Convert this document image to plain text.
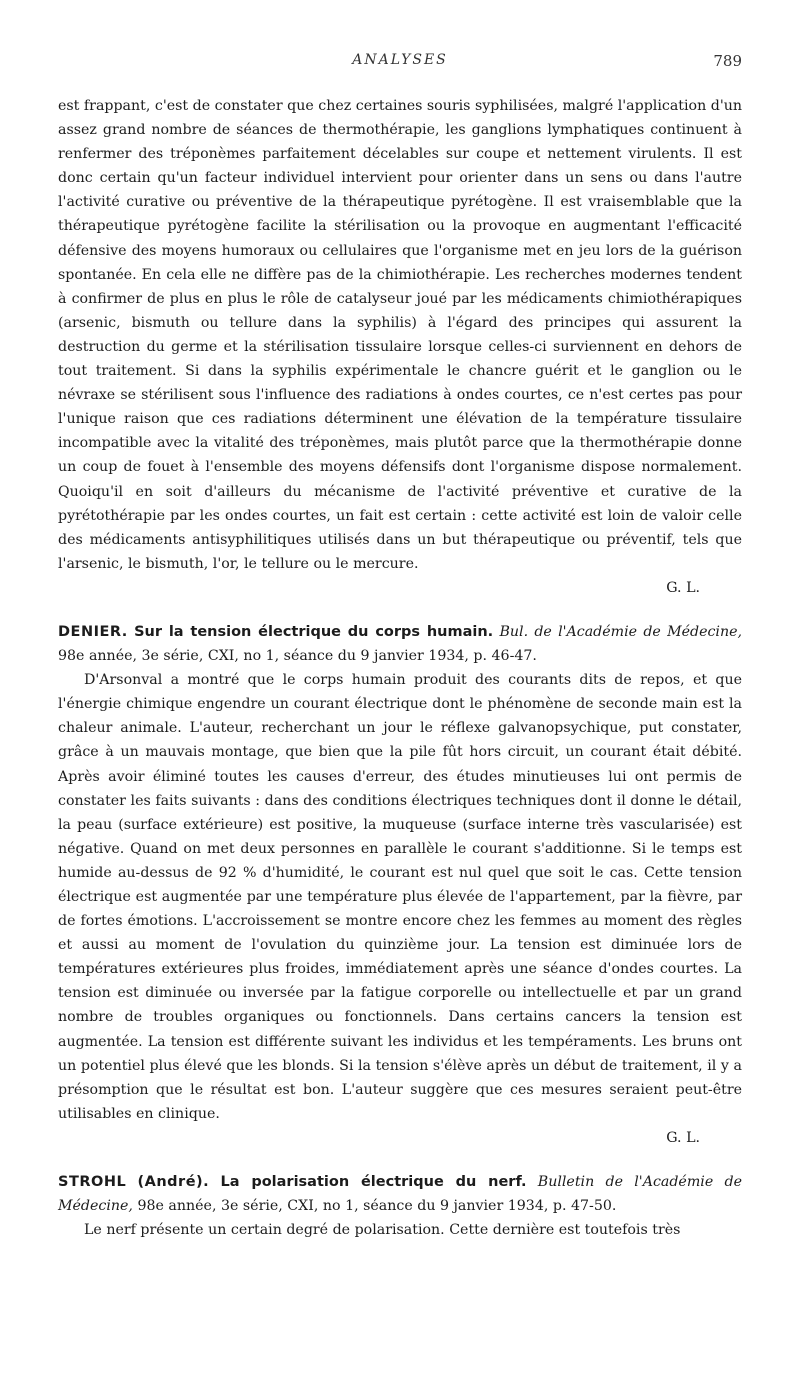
ANALYSES	789

est frappant, c'est de constater que chez certaines souris syphilisées, malgré l'application d'un assez grand nombre de séances de thermothérapie, les ganglions lymphatiques continuent à renfermer des tréponèmes parfaitement décelables sur coupe et nettement virulents. Il est donc certain qu'un facteur individuel intervient pour orienter dans un sens ou dans l'autre l'activité curative ou préventive de la thérapeutique pyrétogène. Il est vraisemblable que la thérapeutique pyrétogène facilite la stérilisation ou la provoque en augmentant l'efficacité défensive des moyens humoraux ou cellulaires que l'organisme met en jeu lors de la guérison spontanée. En cela elle ne diffère pas de la chimiothérapie. Les recherches modernes tendent à confirmer de plus en plus le rôle de catalyseur joué par les médicaments chimiothérapiques (arsenic, bismuth ou tellure dans la syphilis) à l'égard des principes qui assurent la destruction du germe et la stérilisation tissulaire lorsque celles-ci surviennent en dehors de tout traitement. Si dans la syphilis expérimentale le chancre guérit et le ganglion ou le névraxe se stérilisent sous l'influence des radiations à ondes courtes, ce n'est certes pas pour l'unique raison que ces radiations déterminent une élévation de la température tissulaire incompatible avec la vitalité des tréponèmes, mais plutôt parce que la thermothérapie donne un coup de fouet à l'ensemble des moyens défensifs dont l'organisme dispose normalement. Quoiqu'il en soit d'ailleurs du mécanisme de l'activité préventive et curative de la pyrétothérapie par les ondes courtes, un fait est certain : cette activité est loin de valoir celle des médicaments antisyphilitiques utilisés dans un but thérapeutique ou préventif, tels que l'arsenic, le bismuth, l'or, le tellure ou le mercure.

G. L.
DENIER. Sur la tension électrique du corps humain. Bul. de l'Académie de Médecine, 98e année, 3e série, CXI, no 1, séance du 9 janvier 1934, p. 46-47.

D'Arsonval a montré que le corps humain produit des courants dits de repos, et que l'énergie chimique engendre un courant électrique dont le phénomène de seconde main est la chaleur animale. L'auteur, recherchant un jour le réflexe galvanopsychique, put constater, grâce à un mauvais montage, que bien que la pile fût hors circuit, un courant était débité. Après avoir éliminé toutes les causes d'erreur, des études minutieuses lui ont permis de constater les faits suivants : dans des conditions électriques techniques dont il donne le détail, la peau (surface extérieure) est positive, la muqueuse (surface interne très vascularisée) est négative. Quand on met deux personnes en parallèle le courant s'additionne. Si le temps est humide au-dessus de 92 % d'humidité, le courant est nul quel que soit le cas. Cette tension électrique est augmentée par une température plus élevée de l'appartement, par la fièvre, par de fortes émotions. L'accroissement se montre encore chez les femmes au moment des règles et aussi au moment de l'ovulation du quinzième jour. La tension est diminuée lors de températures extérieures plus froides, immédiatement après une séance d'ondes courtes. La tension est diminuée ou inversée par la fatigue corporelle ou intellectuelle et par un grand nombre de troubles organiques ou fonctionnels. Dans certains cancers la tension est augmentée. La tension est différente suivant les individus et les tempéraments. Les bruns ont un potentiel plus élevé que les blonds. Si la tension s'élève après un début de traitement, il y a présomption que le résultat est bon. L'auteur suggère que ces mesures seraient peut-être utilisables en clinique.

G. L.
STROHL (André). La polarisation électrique du nerf. Bulletin de l'Académie de Médecine, 98e année, 3e série, CXI, no 1, séance du 9 janvier 1934, p. 47-50.

Le nerf présente un certain degré de polarisation. Cette dernière est toutefois très
